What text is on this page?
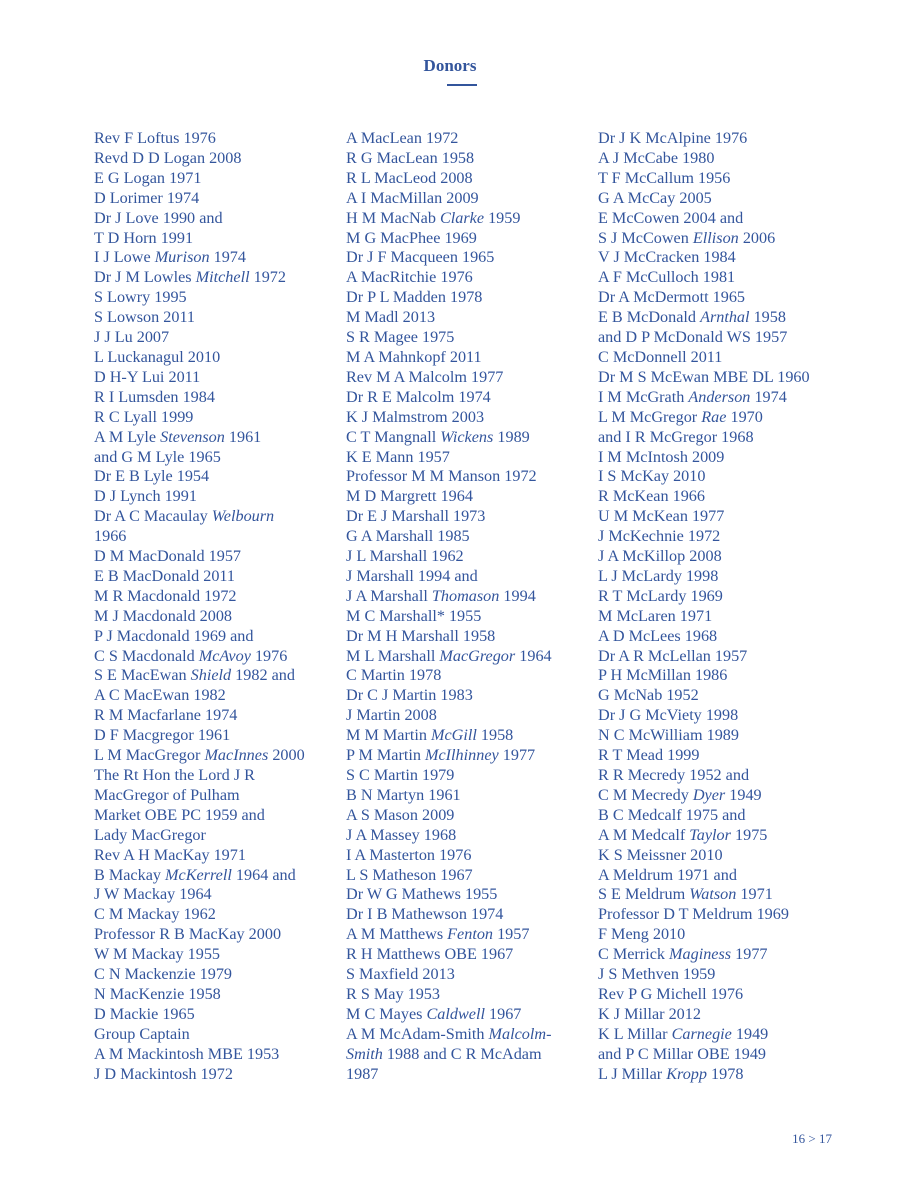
Donors
Rev F Loftus 1976
Revd D D Logan 2008
E G Logan 1971
D Lorimer 1974
Dr J Love 1990 and
T D Horn 1991
I J Lowe Murison 1974
Dr J M Lowles Mitchell 1972
S Lowry 1995
S Lowson 2011
J J Lu 2007
L Luckanagul 2010
D H-Y Lui 2011
R I Lumsden 1984
R C Lyall 1999
A M Lyle Stevenson 1961
and G M Lyle 1965
Dr E B Lyle 1954
D J Lynch 1991
Dr A C Macaulay Welbourn
1966
D M MacDonald 1957
E B MacDonald 2011
M R Macdonald 1972
M J Macdonald 2008
P J Macdonald 1969 and
C S Macdonald McAvoy 1976
S E MacEwan Shield 1982 and
A C MacEwan 1982
R M Macfarlane 1974
D F Macgregor 1961
L M MacGregor MacInnes 2000
The Rt Hon the Lord J R
MacGregor of Pulham
Market OBE PC 1959 and
Lady MacGregor
Rev A H MacKay 1971
B Mackay McKerrell 1964 and
J W Mackay 1964
C M Mackay 1962
Professor R B MacKay 2000
W M Mackay 1955
C N Mackenzie 1979
N MacKenzie 1958
D Mackie 1965
Group Captain
A M Mackintosh MBE 1953
J D Mackintosh 1972
A MacLean 1972
R G MacLean 1958
R L MacLeod 2008
A I MacMillan 2009
H M MacNab Clarke 1959
M G MacPhee 1969
Dr J F Macqueen 1965
A MacRitchie 1976
Dr P L Madden 1978
M Madl 2013
S R Magee 1975
M A Mahnkopf 2011
Rev M A Malcolm 1977
Dr R E Malcolm 1974
K J Malmstrom 2003
C T Mangnall Wickens 1989
K E Mann 1957
Professor M M Manson 1972
M D Margrett 1964
Dr E J Marshall 1973
G A Marshall 1985
J L Marshall 1962
J Marshall 1994 and
J A Marshall Thomason 1994
M C Marshall* 1955
Dr M H Marshall 1958
M L Marshall MacGregor 1964
C Martin 1978
Dr C J Martin 1983
J Martin 2008
M M Martin McGill 1958
P M Martin McIlhinney 1977
S C Martin 1979
B N Martyn 1961
A S Mason 2009
J A Massey 1968
I A Masterton 1976
L S Matheson 1967
Dr W G Mathews 1955
Dr I B Mathewson 1974
A M Matthews Fenton 1957
R H Matthews OBE 1967
S Maxfield 2013
R S May 1953
M C Mayes Caldwell 1967
A M McAdam-Smith Malcolm-
Smith 1988 and C R McAdam
1987
Dr J K McAlpine 1976
A J McCabe 1980
T F McCallum 1956
G A McCay 2005
E McCowen 2004 and
S J McCowen Ellison 2006
V J McCracken 1984
A F McCulloch 1981
Dr A McDermott 1965
E B McDonald Arnthal 1958
and D P McDonald WS 1957
C McDonnell 2011
Dr M S McEwan MBE DL 1960
I M McGrath Anderson 1974
L M McGregor Rae 1970
and I R McGregor 1968
I M McIntosh 2009
I S McKay 2010
R McKean 1966
U M McKean 1977
J McKechnie 1972
J A McKillop 2008
L J McLardy 1998
R T McLardy 1969
M McLaren 1971
A D McLees 1968
Dr A R McLellan 1957
P H McMillan 1986
G McNab 1952
Dr J G McViety 1998
N C McWilliam 1989
R T Mead 1999
R R Mecredy 1952 and
C M Mecredy Dyer 1949
B C Medcalf 1975 and
A M Medcalf Taylor 1975
K S Meissner 2010
A Meldrum 1971 and
S E Meldrum Watson 1971
Professor D T Meldrum 1969
F Meng 2010
C Merrick Maginess 1977
J S Methven 1959
Rev P G Michell 1976
K J Millar 2012
K L Millar Carnegie 1949
and P C Millar OBE 1949
L J Millar Kropp 1978
16 > 17
